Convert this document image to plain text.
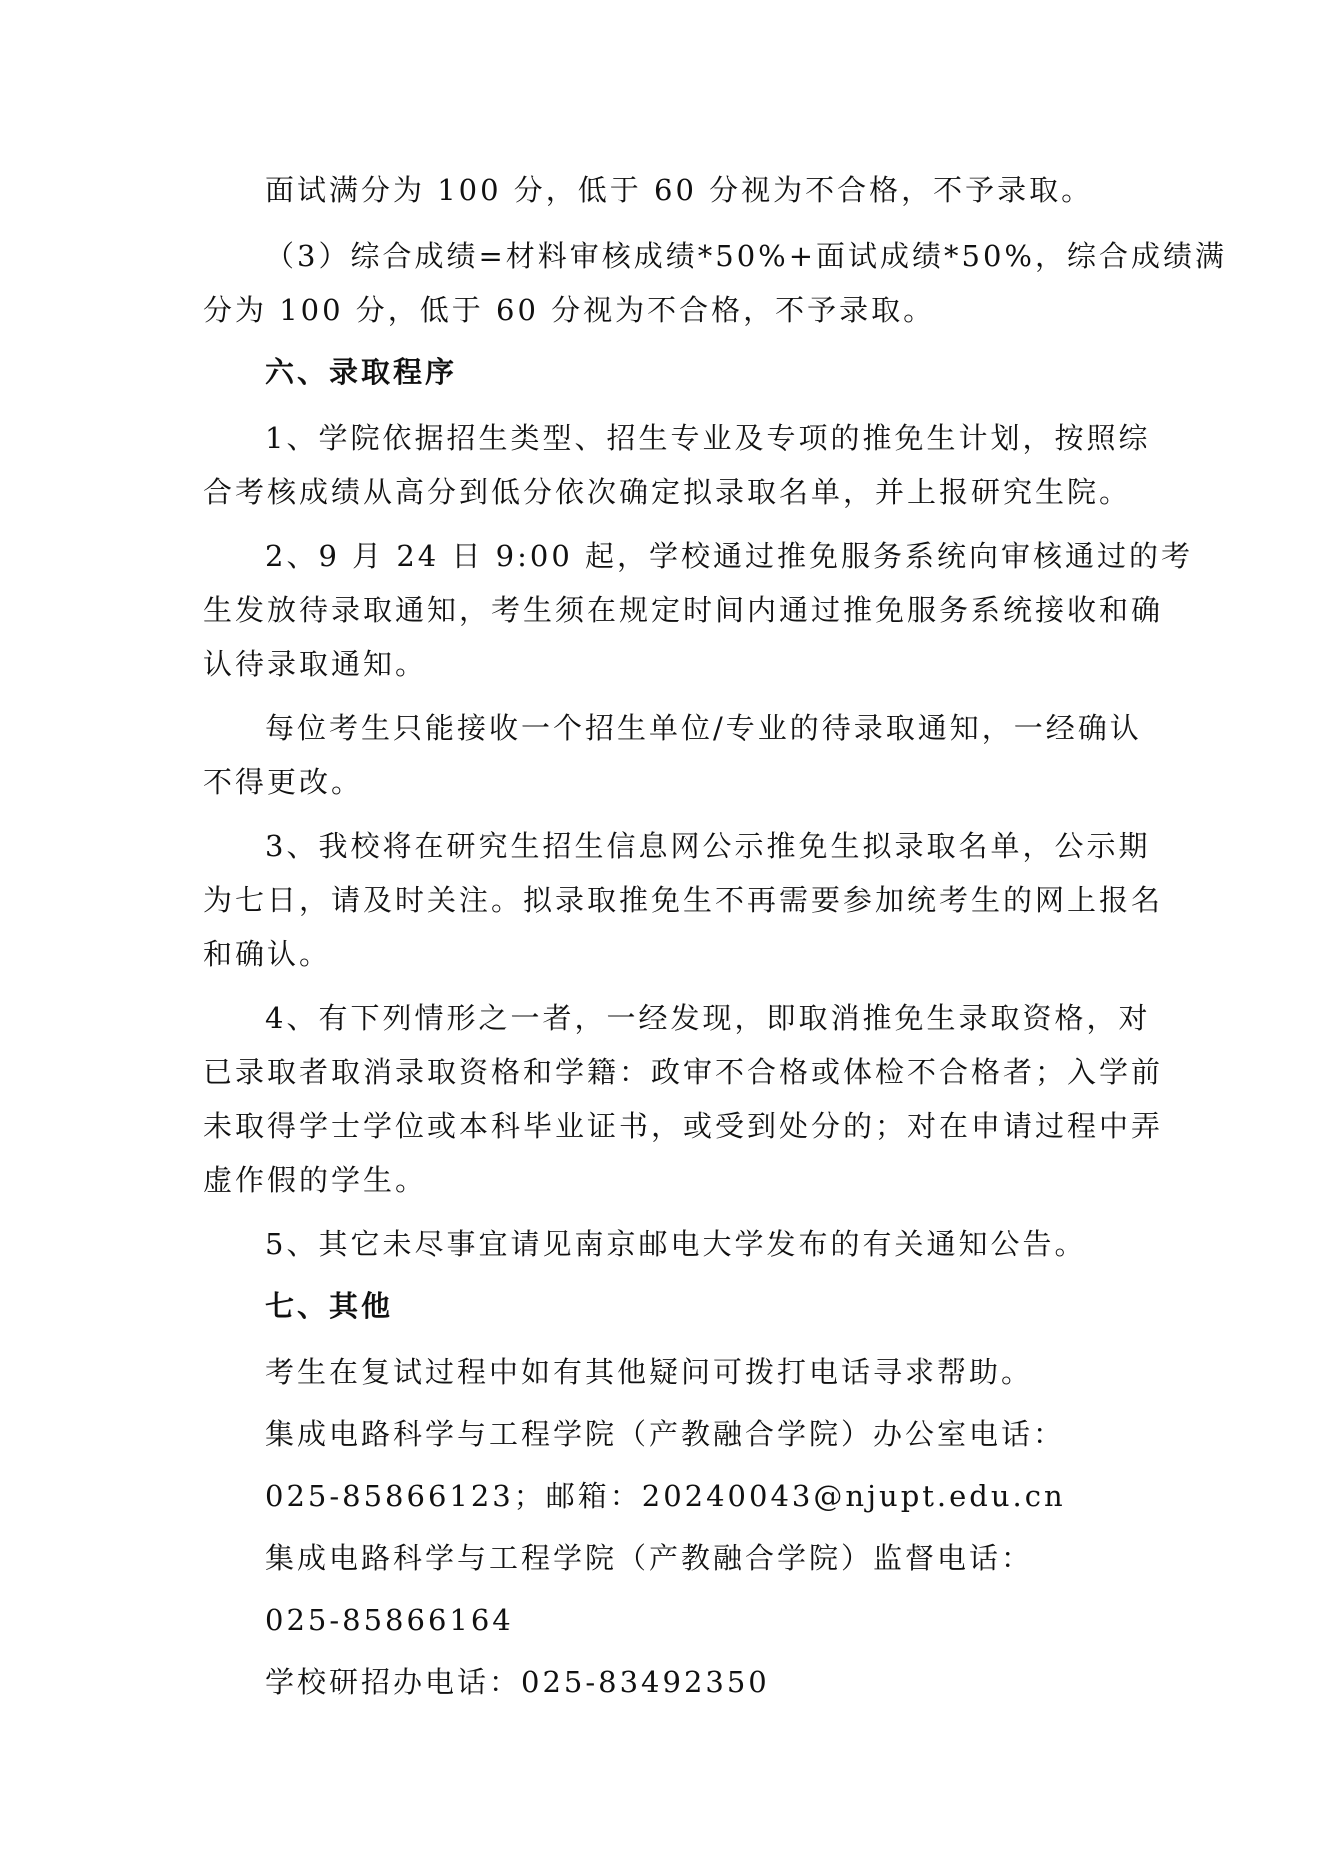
面试满分为 100 分，低于 60 分视为不合格，不予录取。
（3）综合成绩=材料审核成绩*50%+面试成绩*50%，综合成绩满
分为 100 分，低于 60 分视为不合格，不予录取。
六、录取程序
1、学院依据招生类型、招生专业及专项的推免生计划，按照综
合考核成绩从高分到低分依次确定拟录取名单，并上报研究生院。
2、9 月 24 日 9:00 起，学校通过推免服务系统向审核通过的考
生发放待录取通知，考生须在规定时间内通过推免服务系统接收和确
认待录取通知。
每位考生只能接收一个招生单位/专业的待录取通知，一经确认
不得更改。
3、我校将在研究生招生信息网公示推免生拟录取名单，公示期
为七日，请及时关注。拟录取推免生不再需要参加统考生的网上报名
和确认。
4、有下列情形之一者，一经发现，即取消推免生录取资格，对
已录取者取消录取资格和学籍：政审不合格或体检不合格者；入学前
未取得学士学位或本科毕业证书，或受到处分的；对在申请过程中弄
虚作假的学生。
5、其它未尽事宜请见南京邮电大学发布的有关通知公告。
七、其他
考生在复试过程中如有其他疑问可拨打电话寻求帮助。
集成电路科学与工程学院（产教融合学院）办公室电话：
025-85866123；邮箱：20240043@njupt.edu.cn
集成电路科学与工程学院（产教融合学院）监督电话：
025-85866164
学校研招办电话：025-83492350
